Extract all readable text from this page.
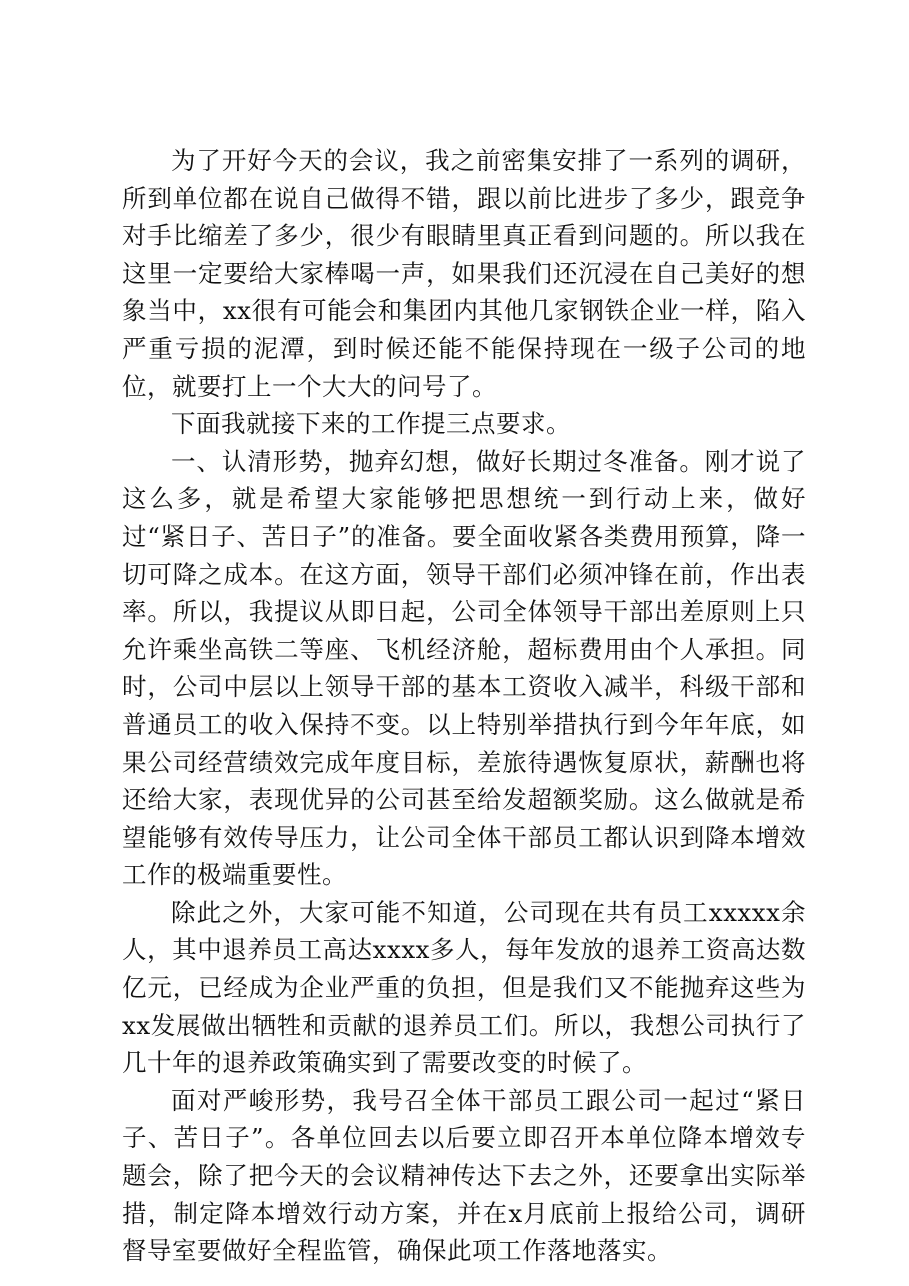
为了开好今天的会议，我之前密集安排了一系列的调研，所到单位都在说自己做得不错，跟以前比进步了多少，跟竞争对手比缩差了多少，很少有眼睛里真正看到问题的。所以我在这里一定要给大家棒喝一声，如果我们还沉浸在自己美好的想象当中，xx很有可能会和集团内其他几家钢铁企业一样，陷入严重亏损的泥潭，到时候还能不能保持现在一级子公司的地位，就要打上一个大大的问号了。

下面我就接下来的工作提三点要求。

一、认清形势，抛弃幻想，做好长期过冬准备。刚才说了这么多，就是希望大家能够把思想统一到行动上来，做好过“紧日子、苦日子”的准备。要全面收紧各类费用预算，降一切可降之成本。在这方面，领导干部们必须冲锋在前，作出表率。所以，我提议从即日起，公司全体领导干部出差原则上只允许乘坐高铁二等座、飞机经济舱，超标费用由个人承担。同时，公司中层以上领导干部的基本工资收入减半，科级干部和普通员工的收入保持不变。以上特别举措执行到今年年底，如果公司经营绩效完成年度目标，差旅待遇恢复原状，薪酬也将还给大家，表现优异的公司甚至给发超额奖励。这么做就是希望能够有效传导压力，让公司全体干部员工都认识到降本增效工作的极端重要性。

除此之外，大家可能不知道，公司现在共有员工xxxxx余人，其中退养员工高达xxxx多人，每年发放的退养工资高达数亿元，已经成为企业严重的负担，但是我们又不能抛弃这些为xx发展做出牺牲和贡献的退养员工们。所以，我想公司执行了几十年的退养政策确实到了需要改变的时候了。

面对严峻形势，我号召全体干部员工跟公司一起过“紧日子、苦日子”。各单位回去以后要立即召开本单位降本增效专题会，除了把今天的会议精神传达下去之外，还要拿出实际举措，制定降本增效行动方案，并在x月底前上报给公司，调研督导室要做好全程监管，确保此项工作落地落实。
